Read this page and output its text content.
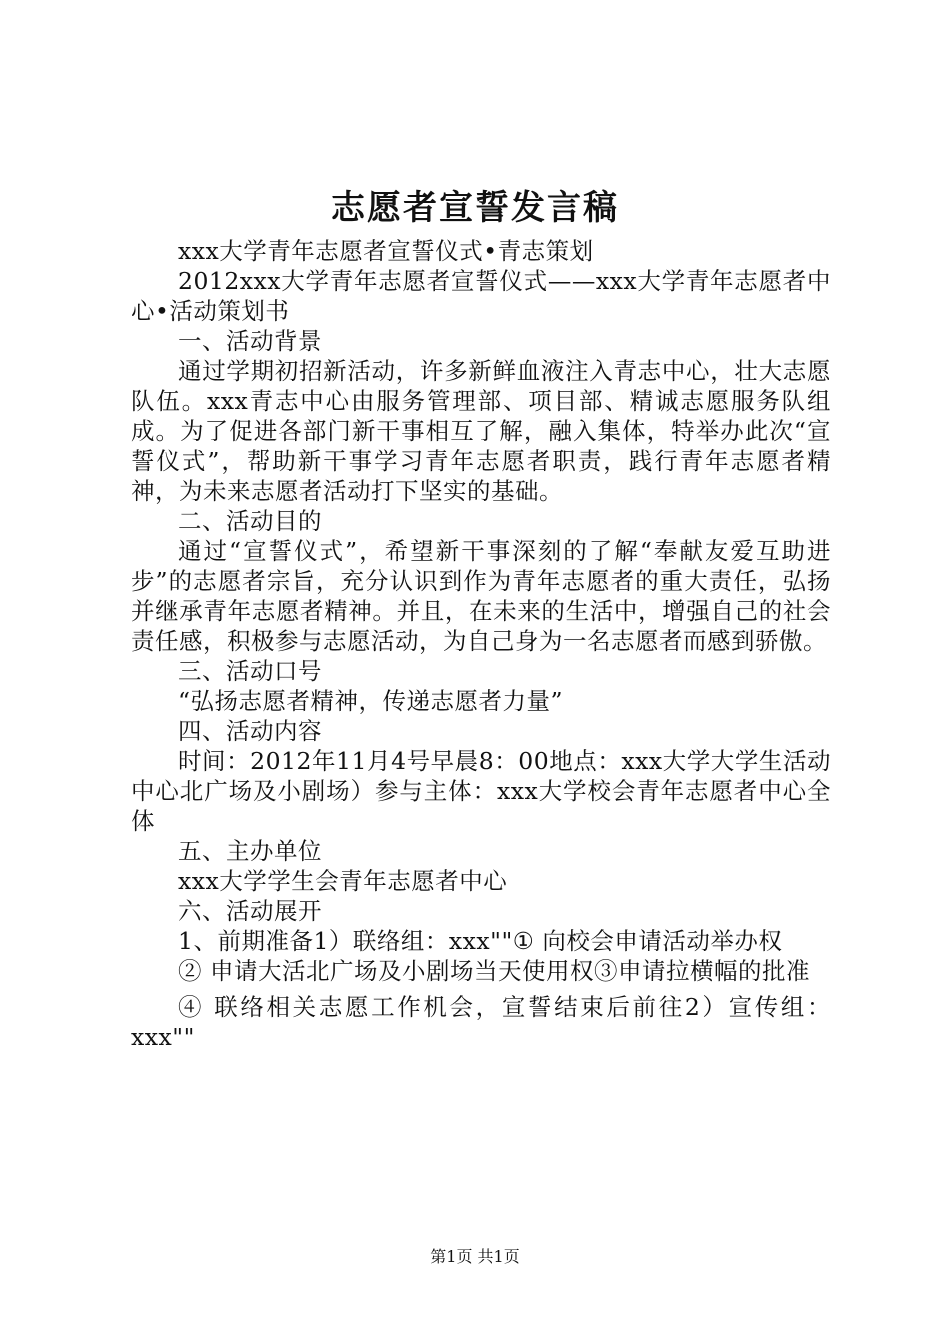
志愿者宣誓发言稿

xxx大学青年志愿者宣誓仪式•青志策划

2012xxx大学青年志愿者宣誓仪式——xxx大学青年志愿者中心•活动策划书

一、活动背景

通过学期初招新活动，许多新鲜血液注入青志中心，壮大志愿队伍。xxx青志中心由服务管理部、项目部、精诚志愿服务队组成。为了促进各部门新干事相互了解，融入集体，特举办此次“宣誓仪式”，帮助新干事学习青年志愿者职责，践行青年志愿者精神，为未来志愿者活动打下坚实的基础。

二、活动目的

通过“宣誓仪式”，希望新干事深刻的了解“奉献友爱互助进步”的志愿者宗旨，充分认识到作为青年志愿者的重大责任，弘扬并继承青年志愿者精神。并且，在未来的生活中，增强自己的社会责任感，积极参与志愿活动，为自己身为一名志愿者而感到骄傲。

三、活动口号

“弘扬志愿者精神，传递志愿者力量”

四、活动内容

时间：2012年11月4号早晨8：00地点：xxx大学大学生活动中心北广场及小剧场）参与主体：xxx大学校会青年志愿者中心全体

五、主办单位

xxx大学学生会青年志愿者中心

六、活动展开

1、前期准备1）联络组：xxx""① 向校会申请活动举办权

② 申请大活北广场及小剧场当天使用权③申请拉横幅的批准

④ 联络相关志愿工作机会，宣誓结束后前往2）宣传组：xxx""

第1页 共1页
